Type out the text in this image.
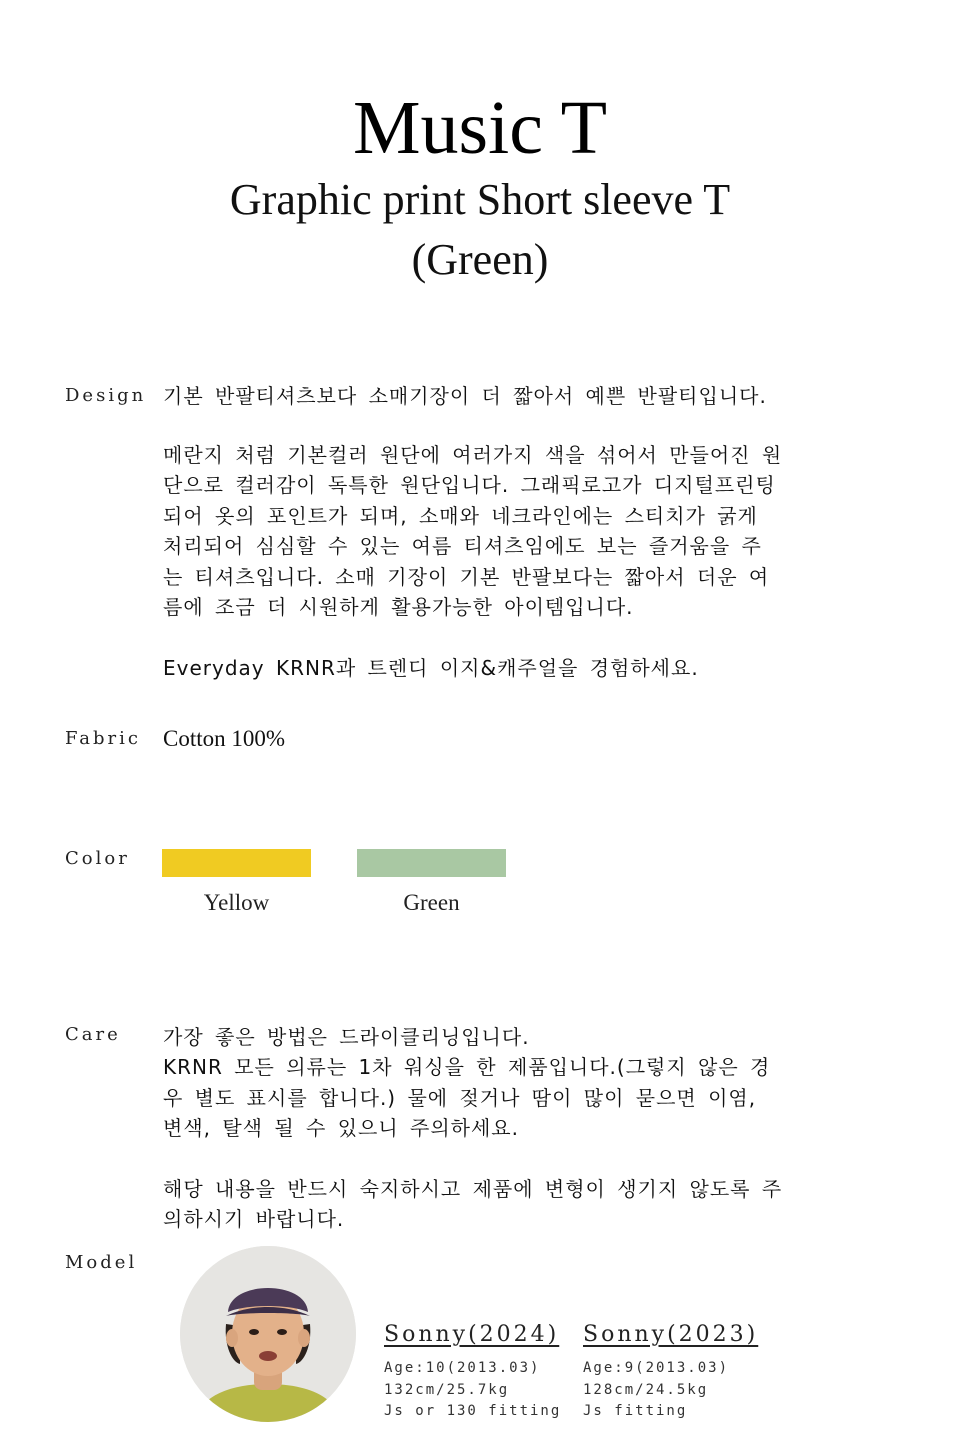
Music T
Graphic print Short sleeve T
(Green)
Design 기본 반팔티셔츠보다 소매기장이 더 짧아서 예쁜 반팔티입니다.
메란지 처럼 기본컬러 원단에 여러가지 색을 섞어서 만들어진 원
단으로 컬러감이 독특한 원단입니다. 그래픽로고가 디지털프린팅
되어 옷의 포인트가 되며, 소매와 네크라인에는 스티치가 굵게
처리되어 심심할 수 있는 여름 티셔츠임에도 보는 즐거움을 주
는 티셔츠입니다. 소매 기장이 기본 반팔보다는 짧아서 더운 여
름에 조금 더 시원하게 활용가능한 아이템입니다.
Everyday KRNR과 트렌디 이지&캐주얼을 경험하세요.
Fabric Cotton 100%
Color
Yellow	Green
Care 가장 좋은 방법은 드라이클리닝입니다.
KRNR 모든 의류는 1차 워싱을 한 제품입니다.(그렇지 않은 경
우 별도 표시를 합니다.) 물에 젖거나 땀이 많이 묻으면 이염,
변색, 탈색 될 수 있으니 주의하세요.
해당 내용을 반드시 숙지하시고 제품에 변형이 생기지 않도록 주
의하시기 바랍니다.
Model
Sonny(2024)
Age:10(2013.03)
132cm/25.7kg
Js or 130 fitting
Sonny(2023)
Age:9(2013.03)
128cm/24.5kg
Js fitting
